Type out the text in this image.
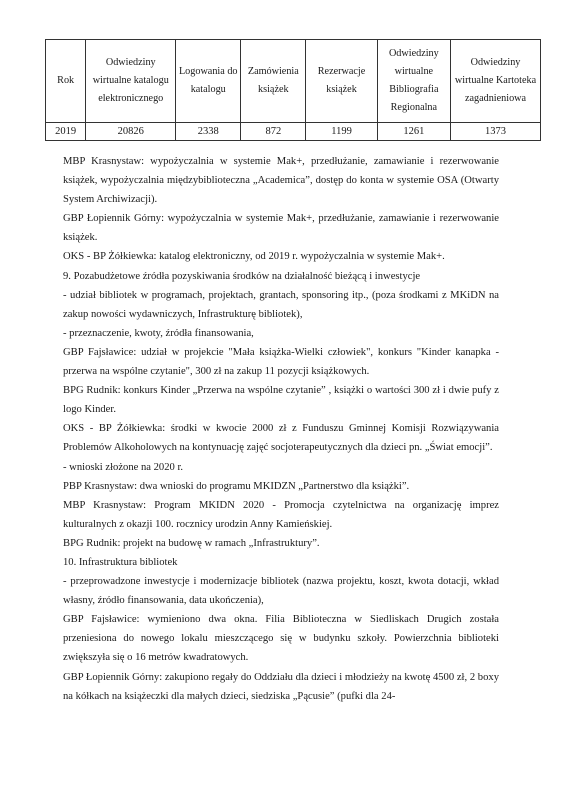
Rok	Odwiedziny wirtualne katalogu elektronicznego	Logowania do katalogu	Zamówienia książek	Rezerwacje książek	Odwiedziny wirtualne Bibliografia Regionalna	Odwiedziny wirtualne Kartoteka zagadnieniowa
2019	20826	2338	872	1199	1261	1373

MBP Krasnystaw: wypożyczalnia w systemie Mak+, przedłużanie, zamawianie i rezerwowanie książek, wypożyczalnia międzybiblioteczna „Academica”, dostęp do konta w systemie OSA (Otwarty System Archiwizacji).

GBP Łopiennik Górny: wypożyczalnia w systemie Mak+, przedłużanie, zamawianie i rezerwowanie książek.

OKS - BP Żółkiewka: katalog elektroniczny, od 2019 r. wypożyczalnia w systemie Mak+.

9. Pozabudżetowe źródła pozyskiwania środków na działalność bieżącą i inwestycje

- udział bibliotek w programach, projektach, grantach, sponsoring itp., (poza środkami z MKiDN na zakup nowości wydawniczych, Infrastrukturę bibliotek),

- przeznaczenie, kwoty, źródła finansowania,

GBP Fajsławice: udział w projekcie "Mała książka-Wielki człowiek", konkurs "Kinder kanapka - przerwa na wspólne czytanie", 300 zł na zakup 11 pozycji książkowych.

BPG Rudnik: konkurs Kinder „Przerwa na wspólne czytanie” , książki o wartości 300 zł i dwie pufy z logo Kinder.

OKS - BP Żółkiewka: środki w kwocie 2000 zł z Funduszu Gminnej Komisji Rozwiązywania Problemów Alkoholowych na kontynuację zajęć socjoterapeutycznych dla dzieci pn. „Świat emocji”.

- wnioski złożone na 2020 r.

PBP Krasnystaw: dwa wnioski do programu MKIDZN „Partnerstwo dla książki”.

MBP Krasnystaw: Program MKIDN 2020 - Promocja czytelnictwa na organizację imprez kulturalnych z okazji 100. rocznicy urodzin Anny Kamieńskiej.

BPG Rudnik: projekt na budowę w ramach „Infrastruktury”.

10. Infrastruktura bibliotek

- przeprowadzone inwestycje i modernizacje bibliotek (nazwa projektu, koszt, kwota dotacji, wkład własny, źródło finansowania, data ukończenia),

GBP Fajsławice: wymieniono dwa okna. Filia Biblioteczna w Siedliskach Drugich została przeniesiona do nowego lokalu mieszczącego się w budynku szkoły. Powierzchnia biblioteki zwiększyła się o 16 metrów kwadratowych.

GBP Łopiennik Górny: zakupiono regały do Oddziału dla dzieci i młodzieży na kwotę 4500 zł, 2 boxy na kółkach na książeczki dla małych dzieci, siedziska „Pącusie” (pufki dla 24-
